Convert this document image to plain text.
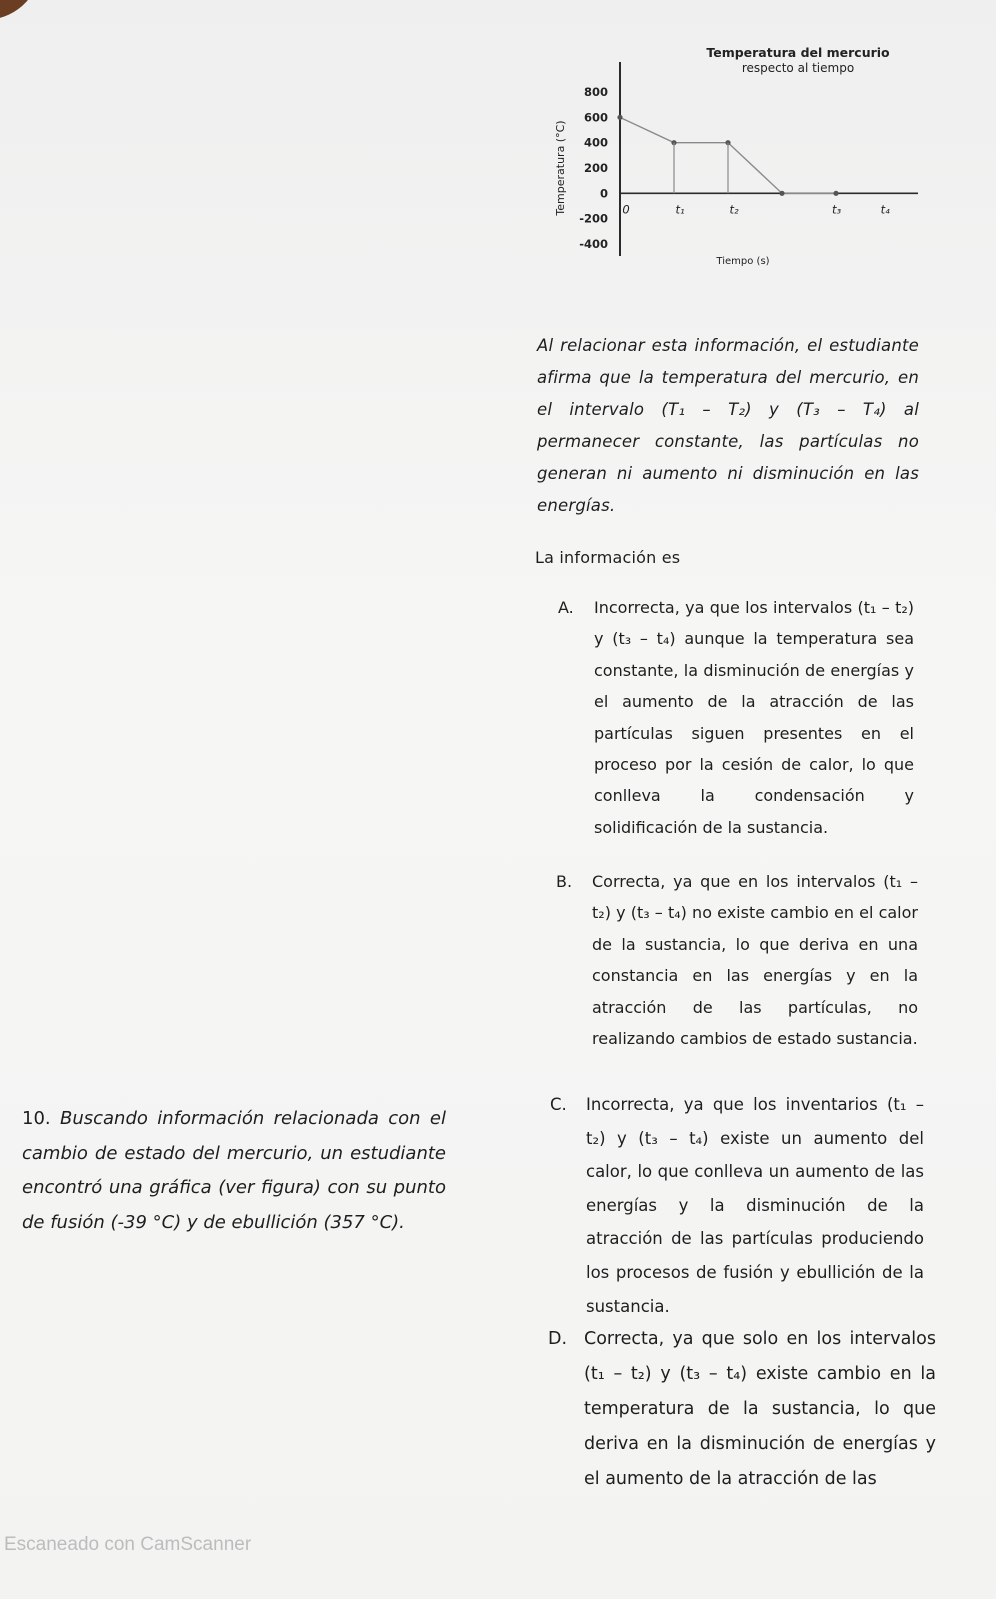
Temperatura del mercurio
respecto al tiempo
Temperatura (°C)
800
600
400
200
0
-200
-400
0	t₁	t₂	t₃	t₄
Tiempo (s)
Al relacionar esta información, el estudiante afirma que la temperatura del mercurio, en el intervalo (T₁ – T₂) y (T₃ – T₄) al permanecer constante, las partículas no generan ni aumento ni disminución en las energías.
La información es
A. Incorrecta, ya que los intervalos (t₁ – t₂) y (t₃ – t₄) aunque la temperatura sea constante, la disminución de energías y el aumento de la atracción de las partículas siguen presentes en el proceso por la cesión de calor, lo que conlleva la condensación y solidificación de la sustancia.
B. Correcta, ya que en los intervalos (t₁ – t₂) y (t₃ – t₄) no existe cambio en el calor de la sustancia, lo que deriva en una constancia en las energías y en la atracción de las partículas, no realizando cambios de estado sustancia.
C. Incorrecta, ya que los inventarios (t₁ – t₂) y (t₃ – t₄) existe un aumento del calor, lo que conlleva un aumento de las energías y la disminución de la atracción de las partículas produciendo los procesos de fusión y ebullición de la sustancia.
D. Correcta, ya que solo en los intervalos (t₁ – t₂) y (t₃ – t₄) existe cambio en la temperatura de la sustancia, lo que deriva en la disminución de energías y el aumento de la atracción de las
10. Buscando información relacionada con el cambio de estado del mercurio, un estudiante encontró una gráfica (ver figura) con su punto de fusión (-39 °C) y de ebullición (357 °C).
Escaneado con CamScanner
